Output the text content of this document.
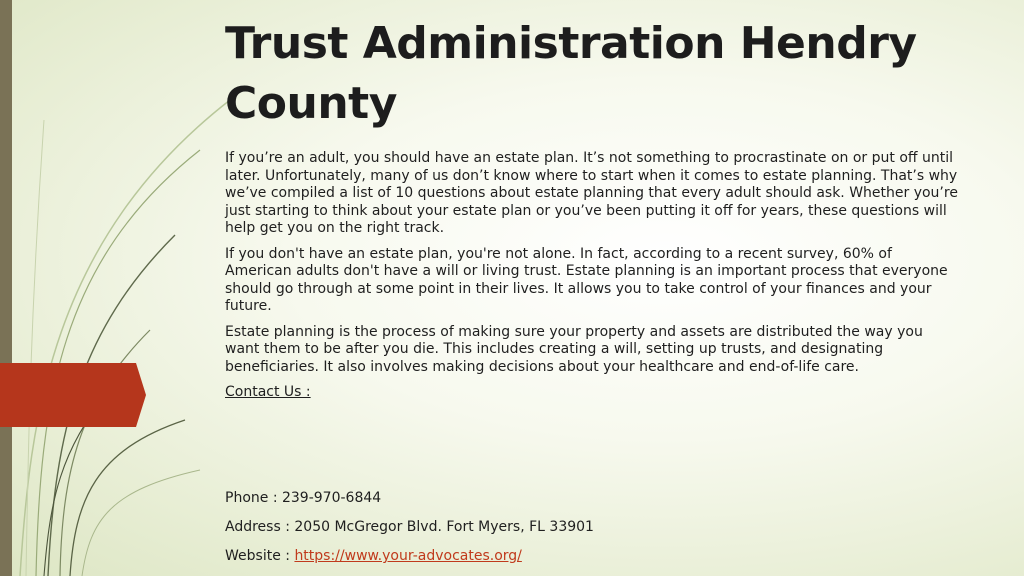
Trust Administration Hendry County

If you’re an adult, you should have an estate plan. It’s not something to procrastinate on or put off until later. Unfortunately, many of us don’t know where to start when it comes to estate planning. That’s why we’ve compiled a list of 10 questions about estate planning that every adult should ask. Whether you’re just starting to think about your estate plan or you’ve been putting it off for years, these questions will help get you on the right track.

If you don't have an estate plan, you're not alone. In fact, according to a recent survey, 60% of American adults don't have a will or living trust. Estate planning is an important process that everyone should go through at some point in their lives. It allows you to take control of your finances and your future.

Estate planning is the process of making sure your property and assets are distributed the way you want them to be after you die. This includes creating a will, setting up trusts, and designating beneficiaries. It also involves making decisions about your healthcare and end-of-life care.

Contact Us :
Phone : 239-970-6844
Address : 2050 McGregor Blvd. Fort Myers, FL 33901
Website : https://www.your-advocates.org/
